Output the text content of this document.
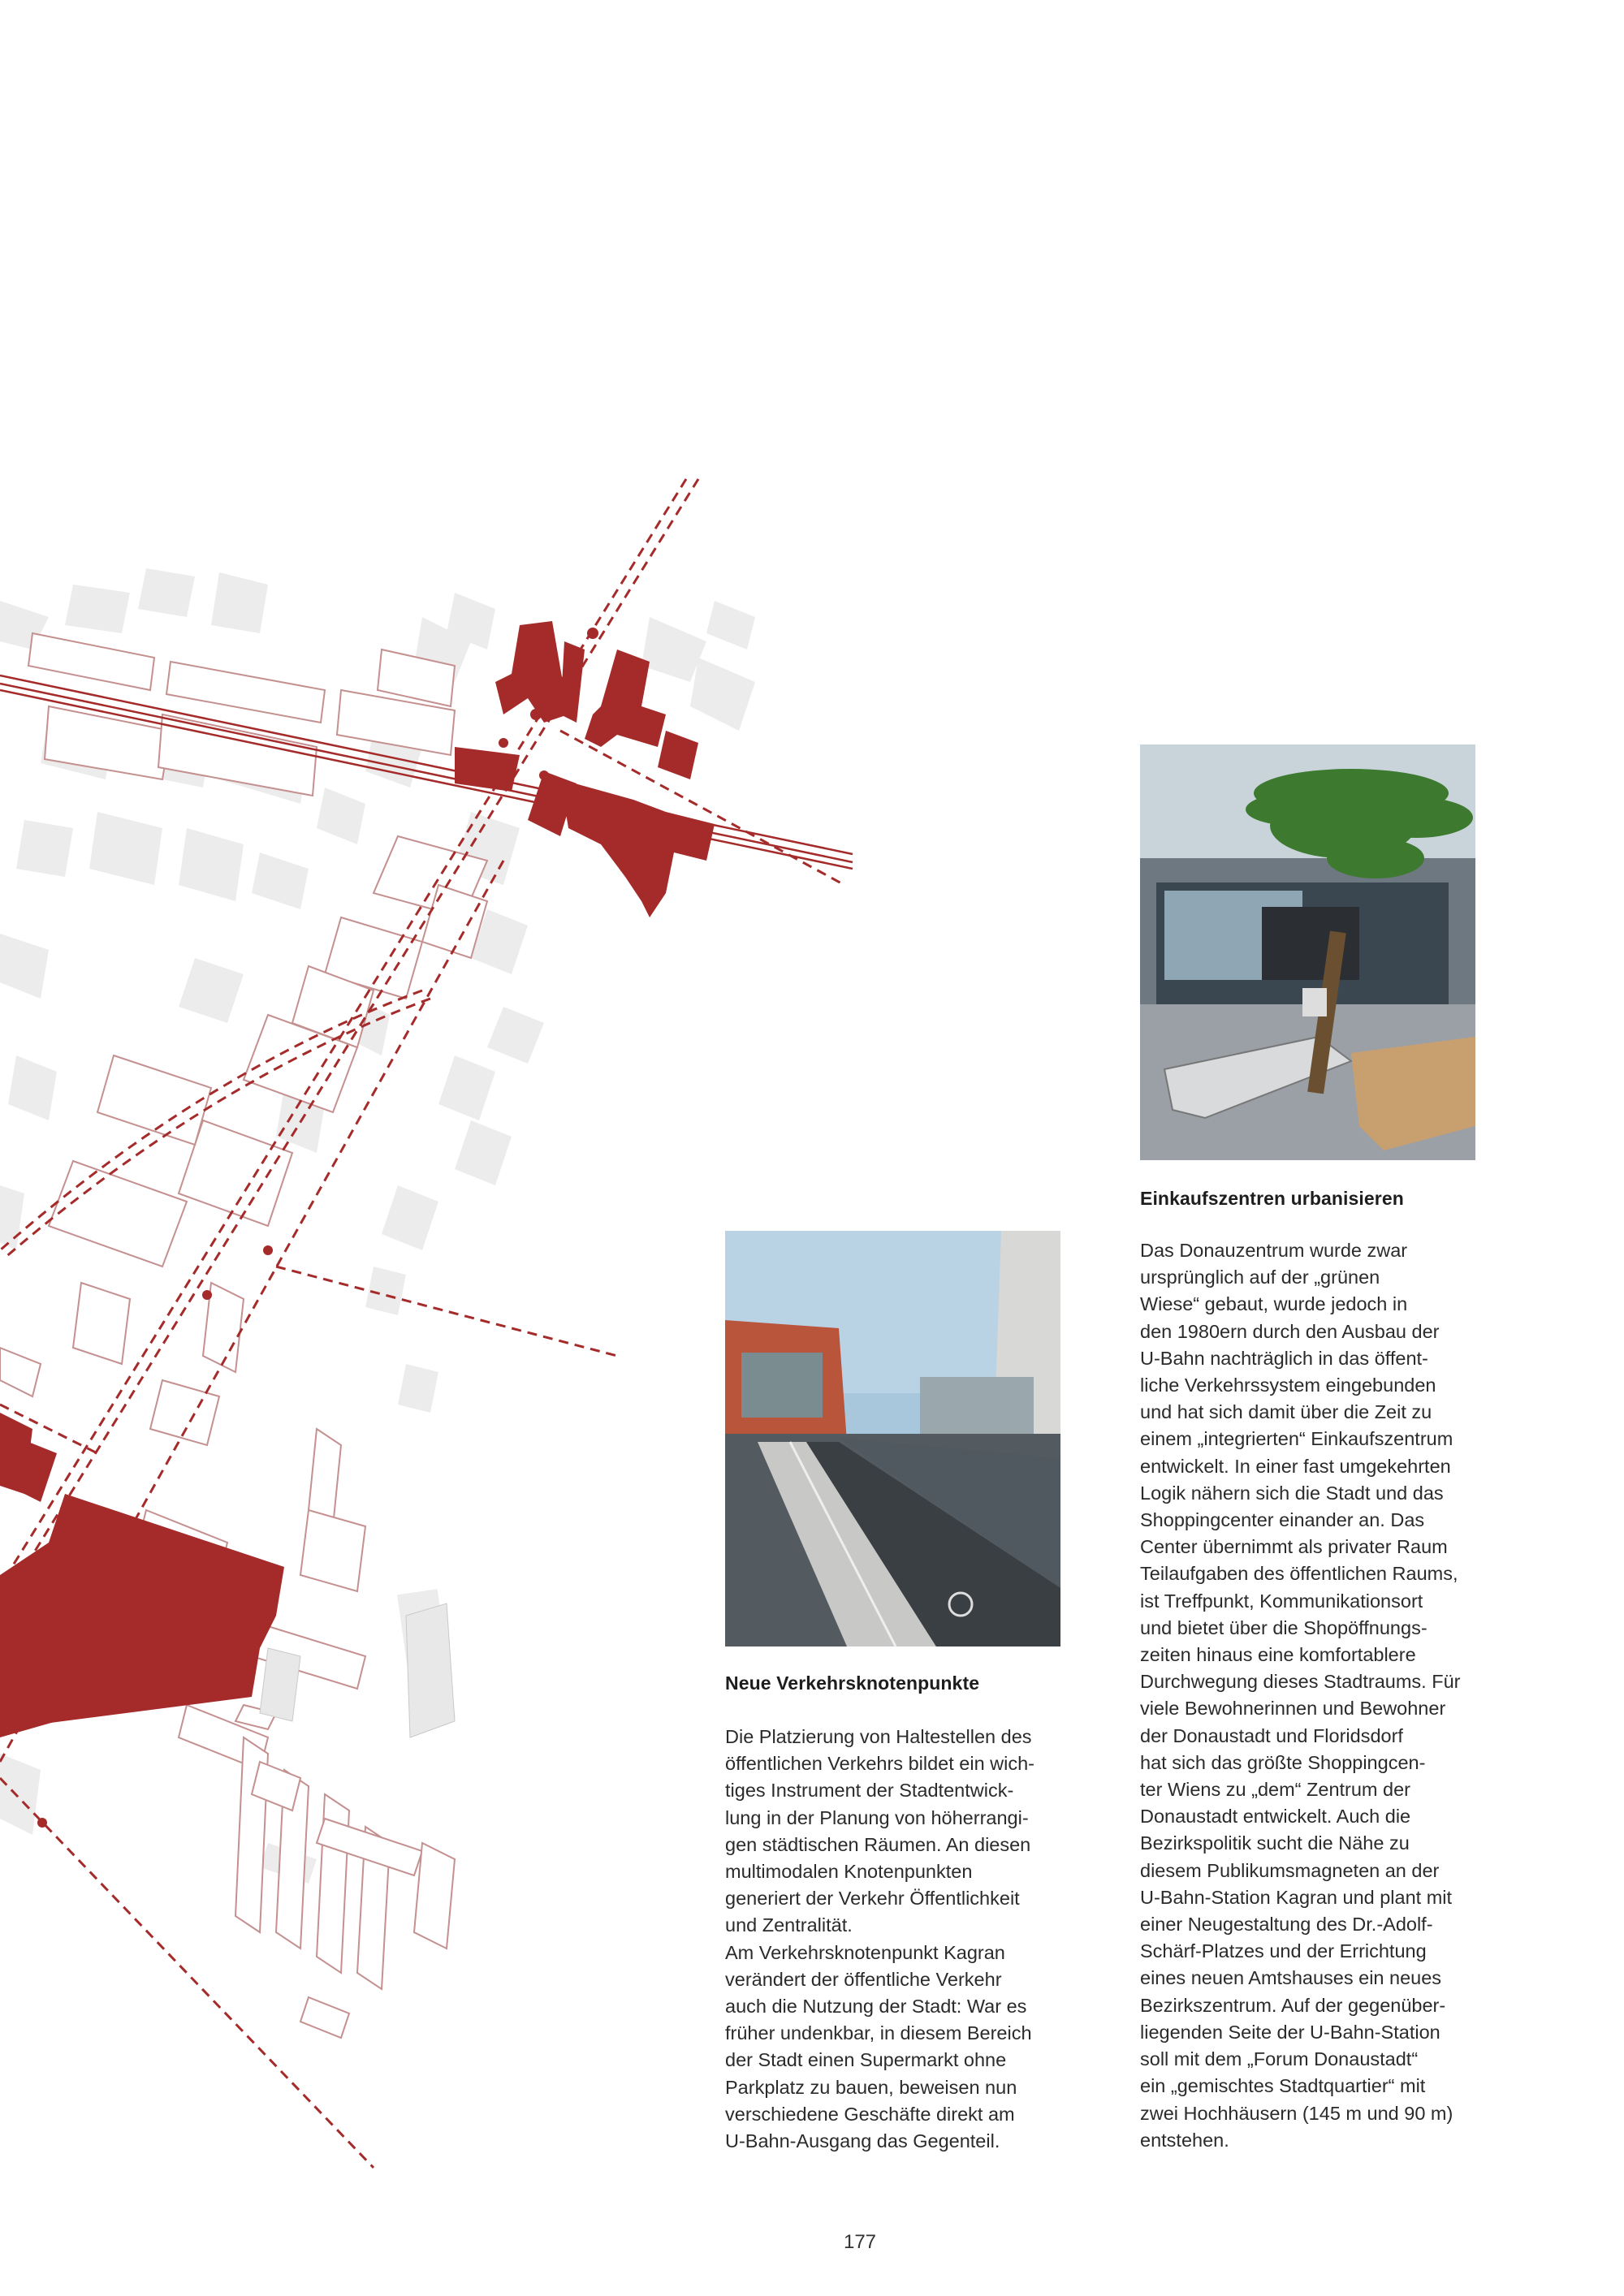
Einkaufszentren urbanisieren

Das Donauzentrum wurde zwar
ursprünglich auf der „grünen
Wiese“ gebaut, wurde jedoch in
den 1980ern durch den Ausbau der
U-Bahn nachträglich in das öffent-
liche Verkehrssystem eingebunden
und hat sich damit über die Zeit zu
einem „integrierten“ Einkaufszentrum
entwickelt. In einer fast umgekehrten
Logik nähern sich die Stadt und das
Shoppingcenter einander an. Das
Center übernimmt als privater Raum
Teilaufgaben des öffentlichen Raums,
ist Treffpunkt, Kommunikationsort
und bietet über die Shopöffnungs-
zeiten hinaus eine komfortablere
Durchwegung dieses Stadtraums. Für
viele Bewohnerinnen und Bewohner
der Donaustadt und Floridsdorf
hat sich das größte Shoppingcen-
ter Wiens zu „dem“ Zentrum der
Donaustadt entwickelt. Auch die
Bezirkspolitik sucht die Nähe zu
diesem Publikumsmagneten an der
U-Bahn-Station Kagran und plant mit
einer Neugestaltung des Dr.-Adolf-
Schärf-Platzes und der Errichtung
eines neuen Amtshauses ein neues
Bezirkszentrum. Auf der gegenüber-
liegenden Seite der U-Bahn-Station
soll mit dem „Forum Donaustadt“
ein „gemischtes Stadtquartier“ mit
zwei Hochhäusern (145 m und 90 m)
entstehen.

Neue Verkehrsknotenpunkte

Die Platzierung von Haltestellen des
öffentlichen Verkehrs bildet ein wich-
tiges Instrument der Stadtentwick-
lung in der Planung von höherrangi-
gen städtischen Räumen. An diesen
multimodalen Knotenpunkten
generiert der Verkehr Öffentlichkeit
und Zentralität.
Am Verkehrsknotenpunkt Kagran
verändert der öffentliche Verkehr
auch die Nutzung der Stadt: War es
früher undenkbar, in diesem Bereich
der Stadt einen Supermarkt ohne
Parkplatz zu bauen, beweisen nun
verschiedene Geschäfte direkt am
U-Bahn-Ausgang das Gegenteil.

177
